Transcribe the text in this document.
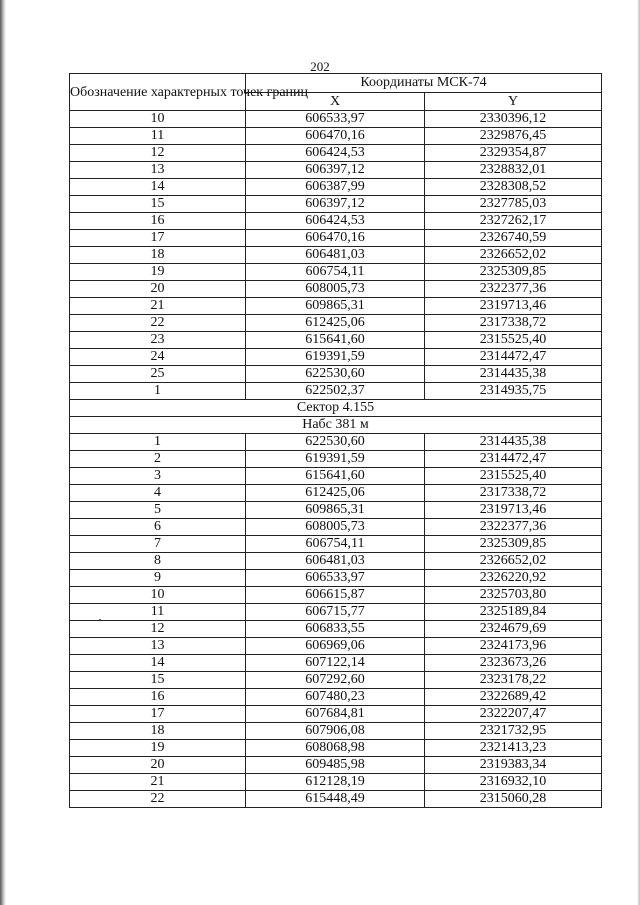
202
Обозначение характерных точек границ	Координаты МСК-74	
	X	Y
10	606533,97	2330396,12
11	606470,16	2329876,45
12	606424,53	2329354,87
13	606397,12	2328832,01
14	606387,99	2328308,52
15	606397,12	2327785,03
16	606424,53	2327262,17
17	606470,16	2326740,59
18	606481,03	2326652,02
19	606754,11	2325309,85
20	608005,73	2322377,36
21	609865,31	2319713,46
22	612425,06	2317338,72
23	615641,60	2315525,40
24	619391,59	2314472,47
25	622530,60	2314435,38
1	622502,37	2314935,75
Сектор 4.155		
Набс 381 м		
1	622530,60	2314435,38
2	619391,59	2314472,47
3	615641,60	2315525,40
4	612425,06	2317338,72
5	609865,31	2319713,46
6	608005,73	2322377,36
7	606754,11	2325309,85
8	606481,03	2326652,02
9	606533,97	2326220,92
10	606615,87	2325703,80
11	606715,77	2325189,84
12	606833,55	2324679,69
13	606969,06	2324173,96
14	607122,14	2323673,26
15	607292,60	2323178,22
16	607480,23	2322689,42
17	607684,81	2322207,47
18	607906,08	2321732,95
19	608068,98	2321413,23
20	609485,98	2319383,34
21	612128,19	2316932,10
22	615448,49	2315060,28
